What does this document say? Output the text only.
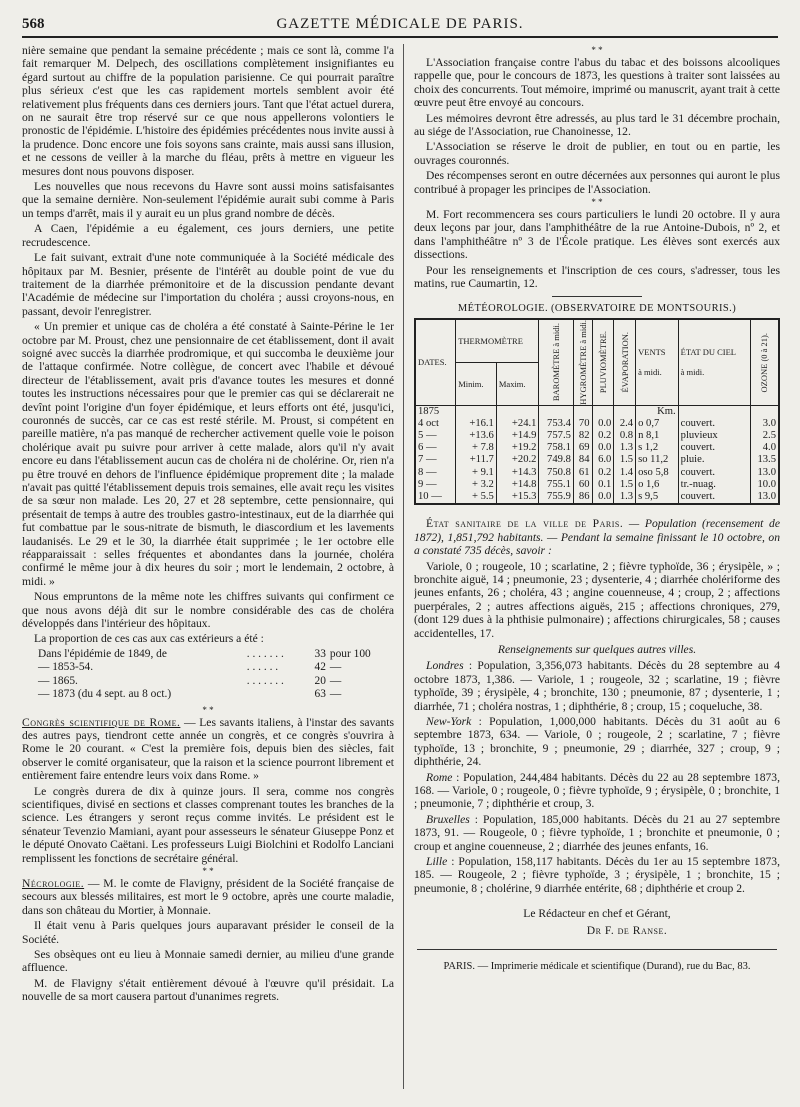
568	GAZETTE MÉDICALE DE PARIS.

nière semaine que pendant la semaine précédente ; mais ce sont là, comme l'a fait remarquer M. Delpech, des oscillations complètement insignifiantes eu égard surtout au chiffre de la population parisienne. Ce qui pourrait paraître plus sérieux c'est que les cas rapidement mortels semblent avoir été relativement plus fréquents dans ces derniers jours. Tant que l'état actuel durera, on ne saurait être trop réservé sur ce que nous appellerons volontiers le pronostic de l'épidémie. L'histoire des épidémies précédentes nous invite aussi à la prudence. Donc encore une fois soyons sans crainte, mais aussi sans illusion, et ne cessons de veiller à la marche du fléau, prêts à mettre en vigueur les mesures dont nous pouvons disposer.

Les nouvelles que nous recevons du Havre sont aussi moins satisfaisantes que la semaine dernière. Non-seulement l'épidémie aurait subi comme à Paris un temps d'arrêt, mais il y aurait eu un plus grand nombre de décès.

A Caen, l'épidémie a eu également, ces jours derniers, une petite recrudescence.

Le fait suivant, extrait d'une note communiquée à la Société médicale des hôpitaux par M. Besnier, présente de l'intérêt au double point de vue du traitement de la diarrhée prémonitoire et de la discussion pendante devant l'Académie de médecine sur l'importation du choléra ; aussi croyons-nous, en passant, devoir l'enregistrer.

« Un premier et unique cas de choléra a été constaté à Sainte-Périne le 1er octobre par M. Proust, chez une pensionnaire de cet établissement, dont il avait soigné avec succès la diarrhée prodromique, et qui succomba le deuxième jour de l'attaque confirmée. Notre collègue, de concert avec l'habile et dévoué directeur de l'établissement, avait pris d'avance toutes les mesures et donné toutes les instructions nécessaires pour que le premier cas qui se déclarerait ne devînt point l'origine d'un foyer épidémique, et leurs efforts ont été, jusqu'ici, couronnés de succès, car ce cas est resté stérile. M. Proust, si compétent en pareille matière, n'a pas manqué de rechercher activement quelle voie le poison cholérique avait pu suivre pour arriver à cette malade, alors qu'il n'y avait encore eu dans l'établissement aucun cas de choléra ni de cholérine. Or, rien n'a pu être trouvé en dehors de l'influence épidémique proprement dite ; la malade n'avait pas quitté l'établissement depuis trois semaines, elle avait reçu les visites de sa sœur non malade. Les 20, 27 et 28 septembre, cette pensionnaire, qui présentait de temps à autre des troubles gastro-intestinaux, eut de la diarrhée qui fut combattue par le sous-nitrate de bismuth, le diascordium et les lavements laudanisés. Le 29 et le 30, la diarrhée était supprimée ; le 1er octobre elle réapparaissait : selles fréquentes et abondantes dans la journée, choléra confirmé le même jour à dix heures du soir ; mort le lendemain, 2 octobre, à midi. »

Nous empruntons de la même note les chiffres suivants qui confirment ce que nous avons déjà dit sur le nombre considérable des cas de choléra développés dans l'intérieur des hôpitaux.

La proportion de ces cas aux cas extérieurs a été :

Dans l'épidémie de 1849, de	. . . . . . .	33	pour 100
— 1853-54.	. . . . . .	42	—
— 1865.	. . . . . . .	20	—
— 1873 (du 4 sept. au 8 oct.)		63	—
* *

Congrès scientifique de Rome. — Les savants italiens, à l'instar des savants des autres pays, tiendront cette année un congrès, et ce congrès s'ouvrira à Rome le 20 courant. « C'est la première fois, depuis bien des siècles, fait observer le comité organisateur, que la raison et la science pourront librement et entièrement faire entendre leurs voix dans Rome. »

Le congrès durera de dix à quinze jours. Il sera, comme nos congrès scientifiques, divisé en sections et classes comprenant toutes les branches de la science. Les étrangers y seront reçus comme invités. Le président est le sénateur Tevenzio Mamiani, ayant pour assesseurs le sénateur Giuseppe Ponz et le député Onovato Caëtani. Les professeurs Luigi Biolchini et Rodolfo Lanciani remplissent les fonctions de secrétaire général.

* *

Nécrologie. — M. le comte de Flavigny, président de la Société française de secours aux blessés militaires, est mort le 9 octobre, après une courte maladie, dans son château du Mortier, à Monnaie.

Il était venu à Paris quelques jours auparavant présider le conseil de la Société.

Ses obsèques ont eu lieu à Monnaie samedi dernier, au milieu d'une grande affluence.

M. de Flavigny s'était entièrement dévoué à l'œuvre qu'il présidait. La nouvelle de sa mort causera partout d'unanimes regrets.

* *

L'Association française contre l'abus du tabac et des boissons alcooliques rappelle que, pour le concours de 1873, les questions à traiter sont laissées au choix des concurrents. Tout mémoire, imprimé ou manuscrit, ayant trait à cette œuvre peut être envoyé au concours.

Les mémoires devront être adressés, au plus tard le 31 décembre prochain, au siége de l'Association, rue Chanoinesse, 12.

L'Association se réserve le droit de publier, en tout ou en partie, les ouvrages couronnés.

Des récompenses seront en outre décernées aux personnes qui auront le plus contribué à propager les principes de l'Association.

* *

M. Fort recommencera ses cours particuliers le lundi 20 octobre. Il y aura deux leçons par jour, dans l'amphithéâtre de la rue Antoine-Dubois, nº 2, et dans l'amphithéâtre nº 3 de l'École pratique. Les élèves sont exercés aux dissections.

Pour les renseignements et l'inscription de ces cours, s'adresser, tous les matins, rue Caumartin, 12.

MÉTÉOROLOGIE. (OBSERVATOIRE DE MONTSOURIS.)
DATES.	THERMOMÈTRE		BAROMÈTRE à midi.	HYGROMÈTRE à midi.	PLUVIOMÈTRE.	ÉVAPORATION.	VENTS

à midi.	ÉTAT DU CIEL

à midi.	OZONE (0 à 21).

	Minim.	Maxim.							
1875							Km.		
4 oct	+16.1	+24.1	753.4	70	0.0	2.4	o 0,7	couvert.	3.0
5 —	+13.6	+14.9	757.5	82	0.2	0.8	n 8,1	pluvieux	2.5
6 —	+ 7.8	+19.2	758.1	69	0.0	1.3	s 1,2	couvert.	4.0
7 —	+11.7	+20.2	749.8	84	6.0	1.5	so 11,2	pluie.	13.5
8 —	+ 9.1	+14.3	750.8	61	0.2	1.4	oso 5,8	couvert.	13.0
9 —	+ 3.2	+14.8	755.1	60	0.1	1.5	o 1,6	tr.-nuag.	10.0
10 —	+ 5.5	+15.3	755.9	86	0.0	1.3	s 9,5	couvert.	13.0

État sanitaire de la ville de Paris. — Population (recensement de 1872), 1,851,792 habitants. — Pendant la semaine finissant le 10 octobre, on a constaté 735 décès, savoir :

Variole, 0 ; rougeole, 10 ; scarlatine, 2 ; fièvre typhoïde, 36 ; érysipèle, » ; bronchite aiguë, 14 ; pneumonie, 23 ; dysenterie, 4 ; diarrhée cholériforme des jeunes enfants, 26 ; choléra, 43 ; angine couenneuse, 4 ; croup, 2 ; affections puerpérales, 2 ; autres affections aiguës, 215 ; affections chroniques, 279, (dont 129 dues à la phthisie pulmonaire) ; affections chirurgicales, 58 ; causes accidentelles, 17.

Renseignements sur quelques autres villes.

Londres : Population, 3,356,073 habitants. Décès du 28 septembre au 4 octobre 1873, 1,386. — Variole, 1 ; rougeole, 32 ; scarlatine, 19 ; fièvre typhoïde, 39 ; érysipèle, 4 ; bronchite, 130 ; pneumonie, 87 ; dysenterie, 1 ; diarrhée, 71 ; choléra nostras, 1 ; diphthérie, 8 ; croup, 15 ; coqueluche, 38.

New-York : Population, 1,000,000 habitants. Décès du 31 août au 6 septembre 1873, 634. — Variole, 0 ; rougeole, 2 ; scarlatine, 7 ; fièvre typhoïde, 13 ; bronchite, 9 ; pneumonie, 29 ; diarrhée, 327 ; croup, 9 ; diphthérie, 24.

Rome : Population, 244,484 habitants. Décès du 22 au 28 septembre 1873, 168. — Variole, 0 ; rougeole, 0 ; fièvre typhoïde, 9 ; érysipèle, 0 ; bronchite, 1 ; pneumonie, 7 ; diphthérie et croup, 3.

Bruxelles : Population, 185,000 habitants. Décès du 21 au 27 septembre 1873, 91. — Rougeole, 0 ; fièvre typhoïde, 1 ; bronchite et pneumonie, 0 ; croup et angine couenneuse, 2 ; diarrhée des jeunes enfants, 16.

Lille : Population, 158,117 habitants. Décès du 1er au 15 septembre 1873, 185. — Rougeole, 2 ; fièvre typhoïde, 3 ; érysipèle, 1 ; bronchite, 15 ; pneumonie, 8 ; cholérine, 9 diarrhée entérite, 68 ; diphthérie et croup 2.

Le Rédacteur en chef et Gérant,
Dr F. de Ranse.
PARIS. — Imprimerie médicale et scientifique (Durand), rue du Bac, 83.
